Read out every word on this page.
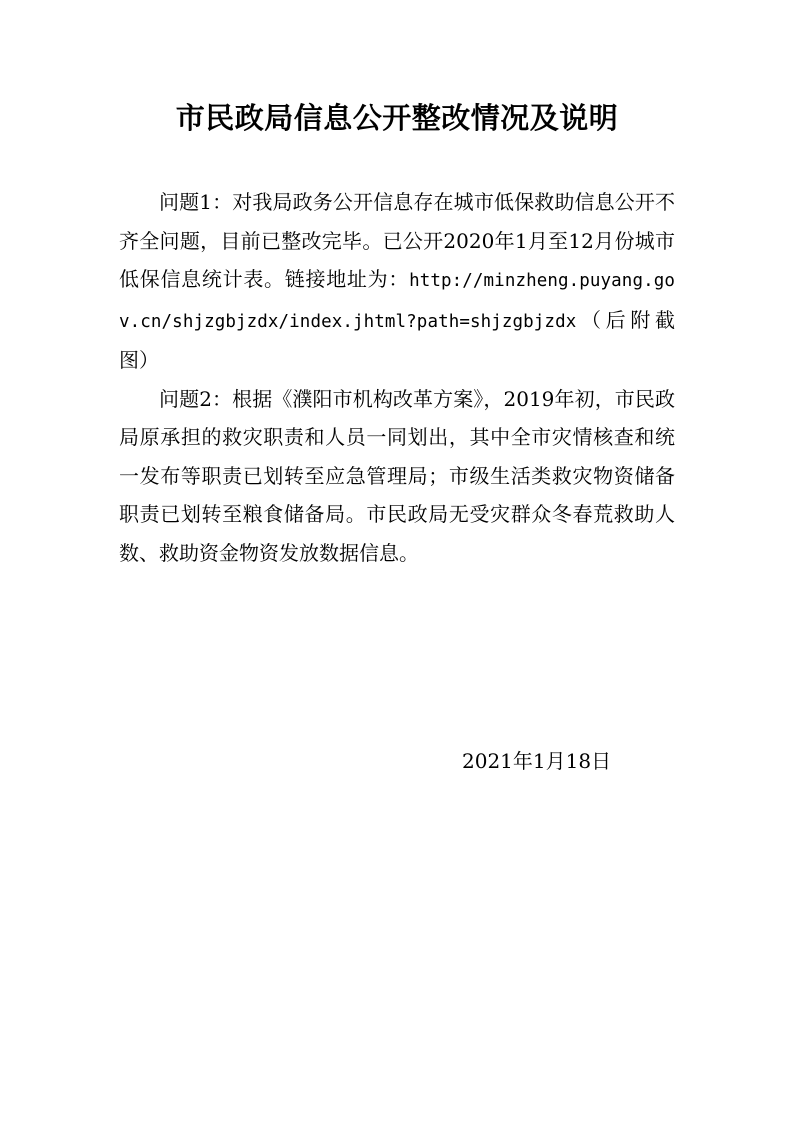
市民政局信息公开整改情况及说明

问题1：对我局政务公开信息存在城市低保救助信息公开不齐全问题，目前已整改完毕。已公开2020年1月至12月份城市低保信息统计表。链接地址为：http://minzheng.puyang.gov.cn/shjzgbjzdx/index.jhtml?path=shjzgbjzdx（后附截图）

问题2：根据《濮阳市机构改革方案》，2019年初，市民政局原承担的救灾职责和人员一同划出，其中全市灾情核查和统一发布等职责已划转至应急管理局；市级生活类救灾物资储备职责已划转至粮食储备局。市民政局无受灾群众冬春荒救助人数、救助资金物资发放数据信息。

2021年1月18日
